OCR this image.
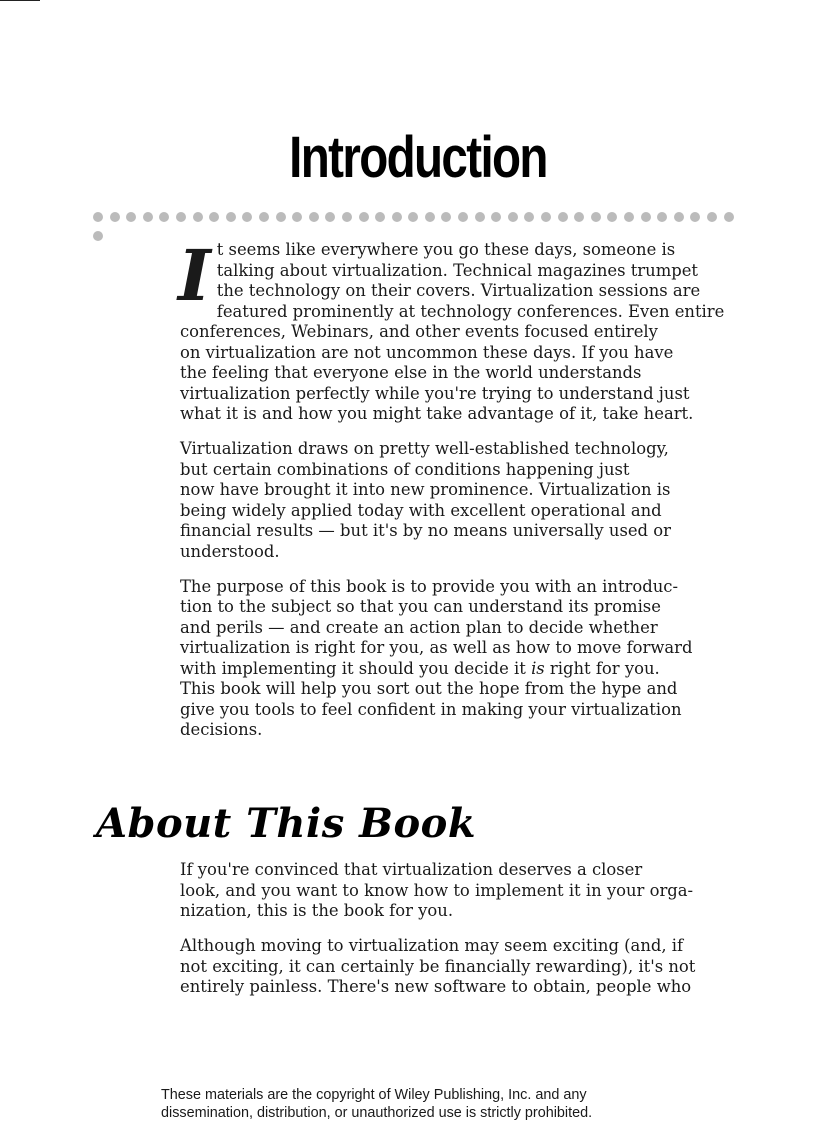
Introduction

It seems like everywhere you go these days, someone is
talking about virtualization. Technical magazines trumpet
the technology on their covers. Virtualization sessions are
featured prominently at technology conferences. Even entire
conferences, Webinars, and other events focused entirely
on virtualization are not uncommon these days. If you have
the feeling that everyone else in the world understands
virtualization perfectly while you're trying to understand just
what it is and how you might take advantage of it, take heart.

Virtualization draws on pretty well-established technology,
but certain combinations of conditions happening just
now have brought it into new prominence. Virtualization is
being widely applied today with excellent operational and
financial results — but it's by no means universally used or
understood.

The purpose of this book is to provide you with an introduc-
tion to the subject so that you can understand its promise
and perils — and create an action plan to decide whether
virtualization is right for you, as well as how to move forward
with implementing it should you decide it is right for you.
This book will help you sort out the hope from the hype and
give you tools to feel confident in making your virtualization
decisions.

About This Book

If you're convinced that virtualization deserves a closer
look, and you want to know how to implement it in your orga-
nization, this is the book for you.

Although moving to virtualization may seem exciting (and, if
not exciting, it can certainly be financially rewarding), it's not
entirely painless. There's new software to obtain, people who

These materials are the copyright of Wiley Publishing, Inc. and any
dissemination, distribution, or unauthorized use is strictly prohibited.
